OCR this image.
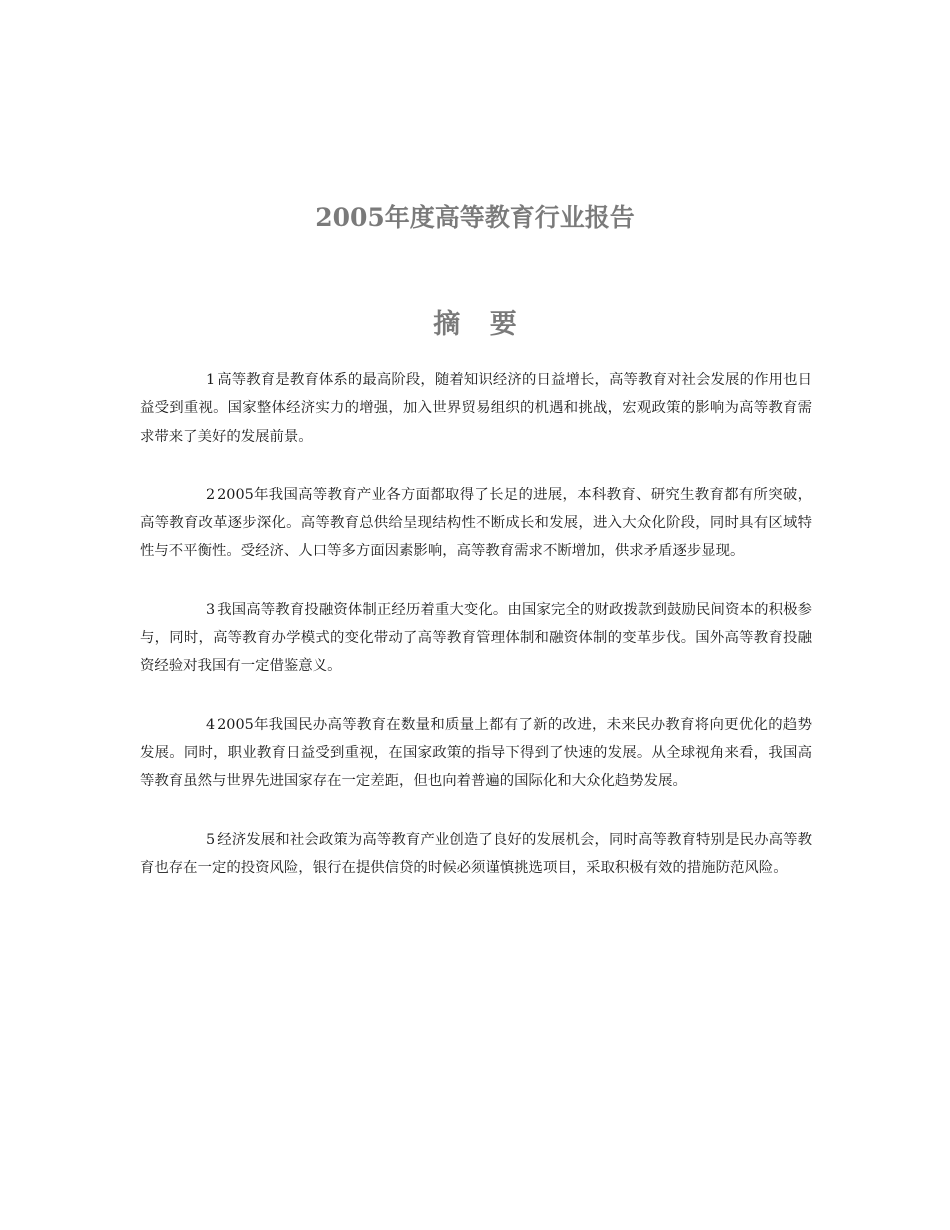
2005年度高等教育行业报告
摘 要

1 高等教育是教育体系的最高阶段，随着知识经济的日益增长，高等教育对社会发展的作用也日益受到重视。国家整体经济实力的增强，加入世界贸易组织的机遇和挑战，宏观政策的影响为高等教育需求带来了美好的发展前景。

2 2005年我国高等教育产业各方面都取得了长足的进展，本科教育、研究生教育都有所突破，高等教育改革逐步深化。高等教育总供给呈现结构性不断成长和发展，进入大众化阶段，同时具有区域特性与不平衡性。受经济、人口等多方面因素影响，高等教育需求不断增加，供求矛盾逐步显现。

3 我国高等教育投融资体制正经历着重大变化。由国家完全的财政拨款到鼓励民间资本的积极参与，同时，高等教育办学模式的变化带动了高等教育管理体制和融资体制的变革步伐。国外高等教育投融资经验对我国有一定借鉴意义。

4 2005年我国民办高等教育在数量和质量上都有了新的改进，未来民办教育将向更优化的趋势发展。同时，职业教育日益受到重视，在国家政策的指导下得到了快速的发展。从全球视角来看，我国高等教育虽然与世界先进国家存在一定差距，但也向着普遍的国际化和大众化趋势发展。

5 经济发展和社会政策为高等教育产业创造了良好的发展机会，同时高等教育特别是民办高等教育也存在一定的投资风险，银行在提供信贷的时候必须谨慎挑选项目，采取积极有效的措施防范风险。
